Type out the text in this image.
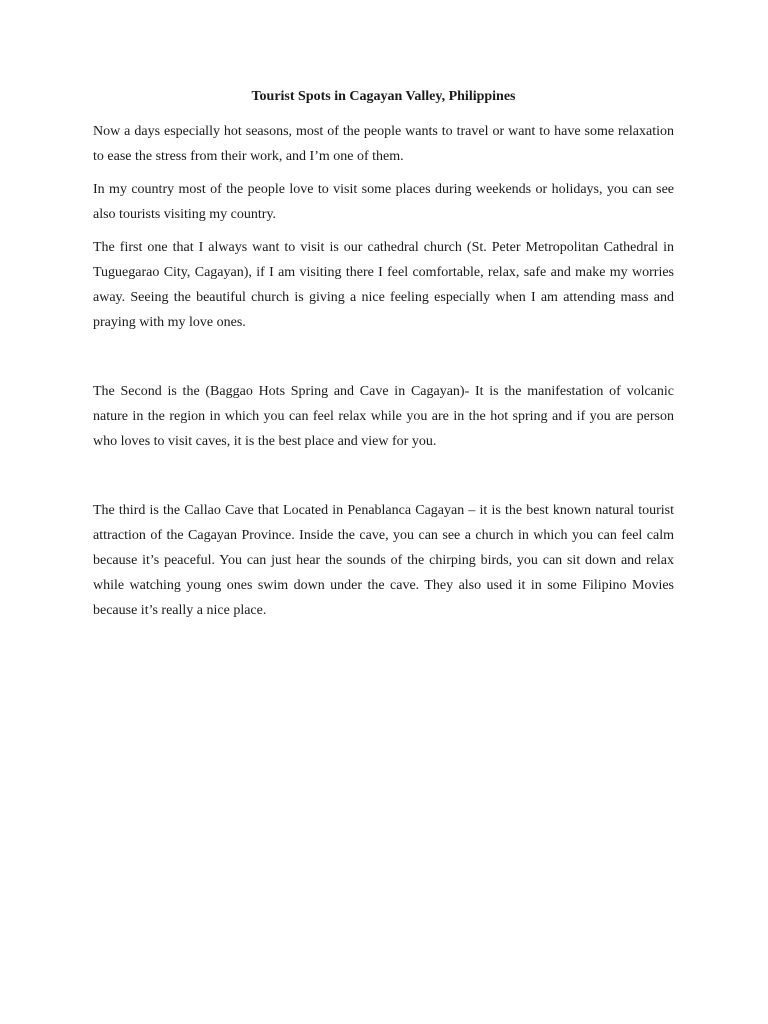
Tourist Spots in Cagayan Valley, Philippines

Now a days especially hot seasons, most of the people wants to travel or want to have some relaxation to ease the stress from their work, and I’m one of them.

In my country most of the people love to visit some places during weekends or holidays, you can see also tourists visiting my country.

The first one that I always want to visit is our cathedral church (St. Peter Metropolitan Cathedral in Tuguegarao City, Cagayan), if I am visiting there I feel comfortable, relax, safe and make my worries away. Seeing the beautiful church is giving a nice feeling especially when I am attending mass and praying with my love ones.

The Second is the (Baggao Hots Spring and Cave in Cagayan)- It is the manifestation of volcanic nature in the region in which you can feel relax while you are in the hot spring and if you are person who loves to visit caves, it is the best place and view for you.

The third is the Callao Cave that Located in Penablanca Cagayan – it is the best known natural tourist attraction of the Cagayan Province. Inside the cave, you can see a church in which you can feel calm because it’s peaceful. You can just hear the sounds of the chirping birds, you can sit down and relax while watching young ones swim down under the cave. They also used it in some Filipino Movies because it’s really a nice place.
